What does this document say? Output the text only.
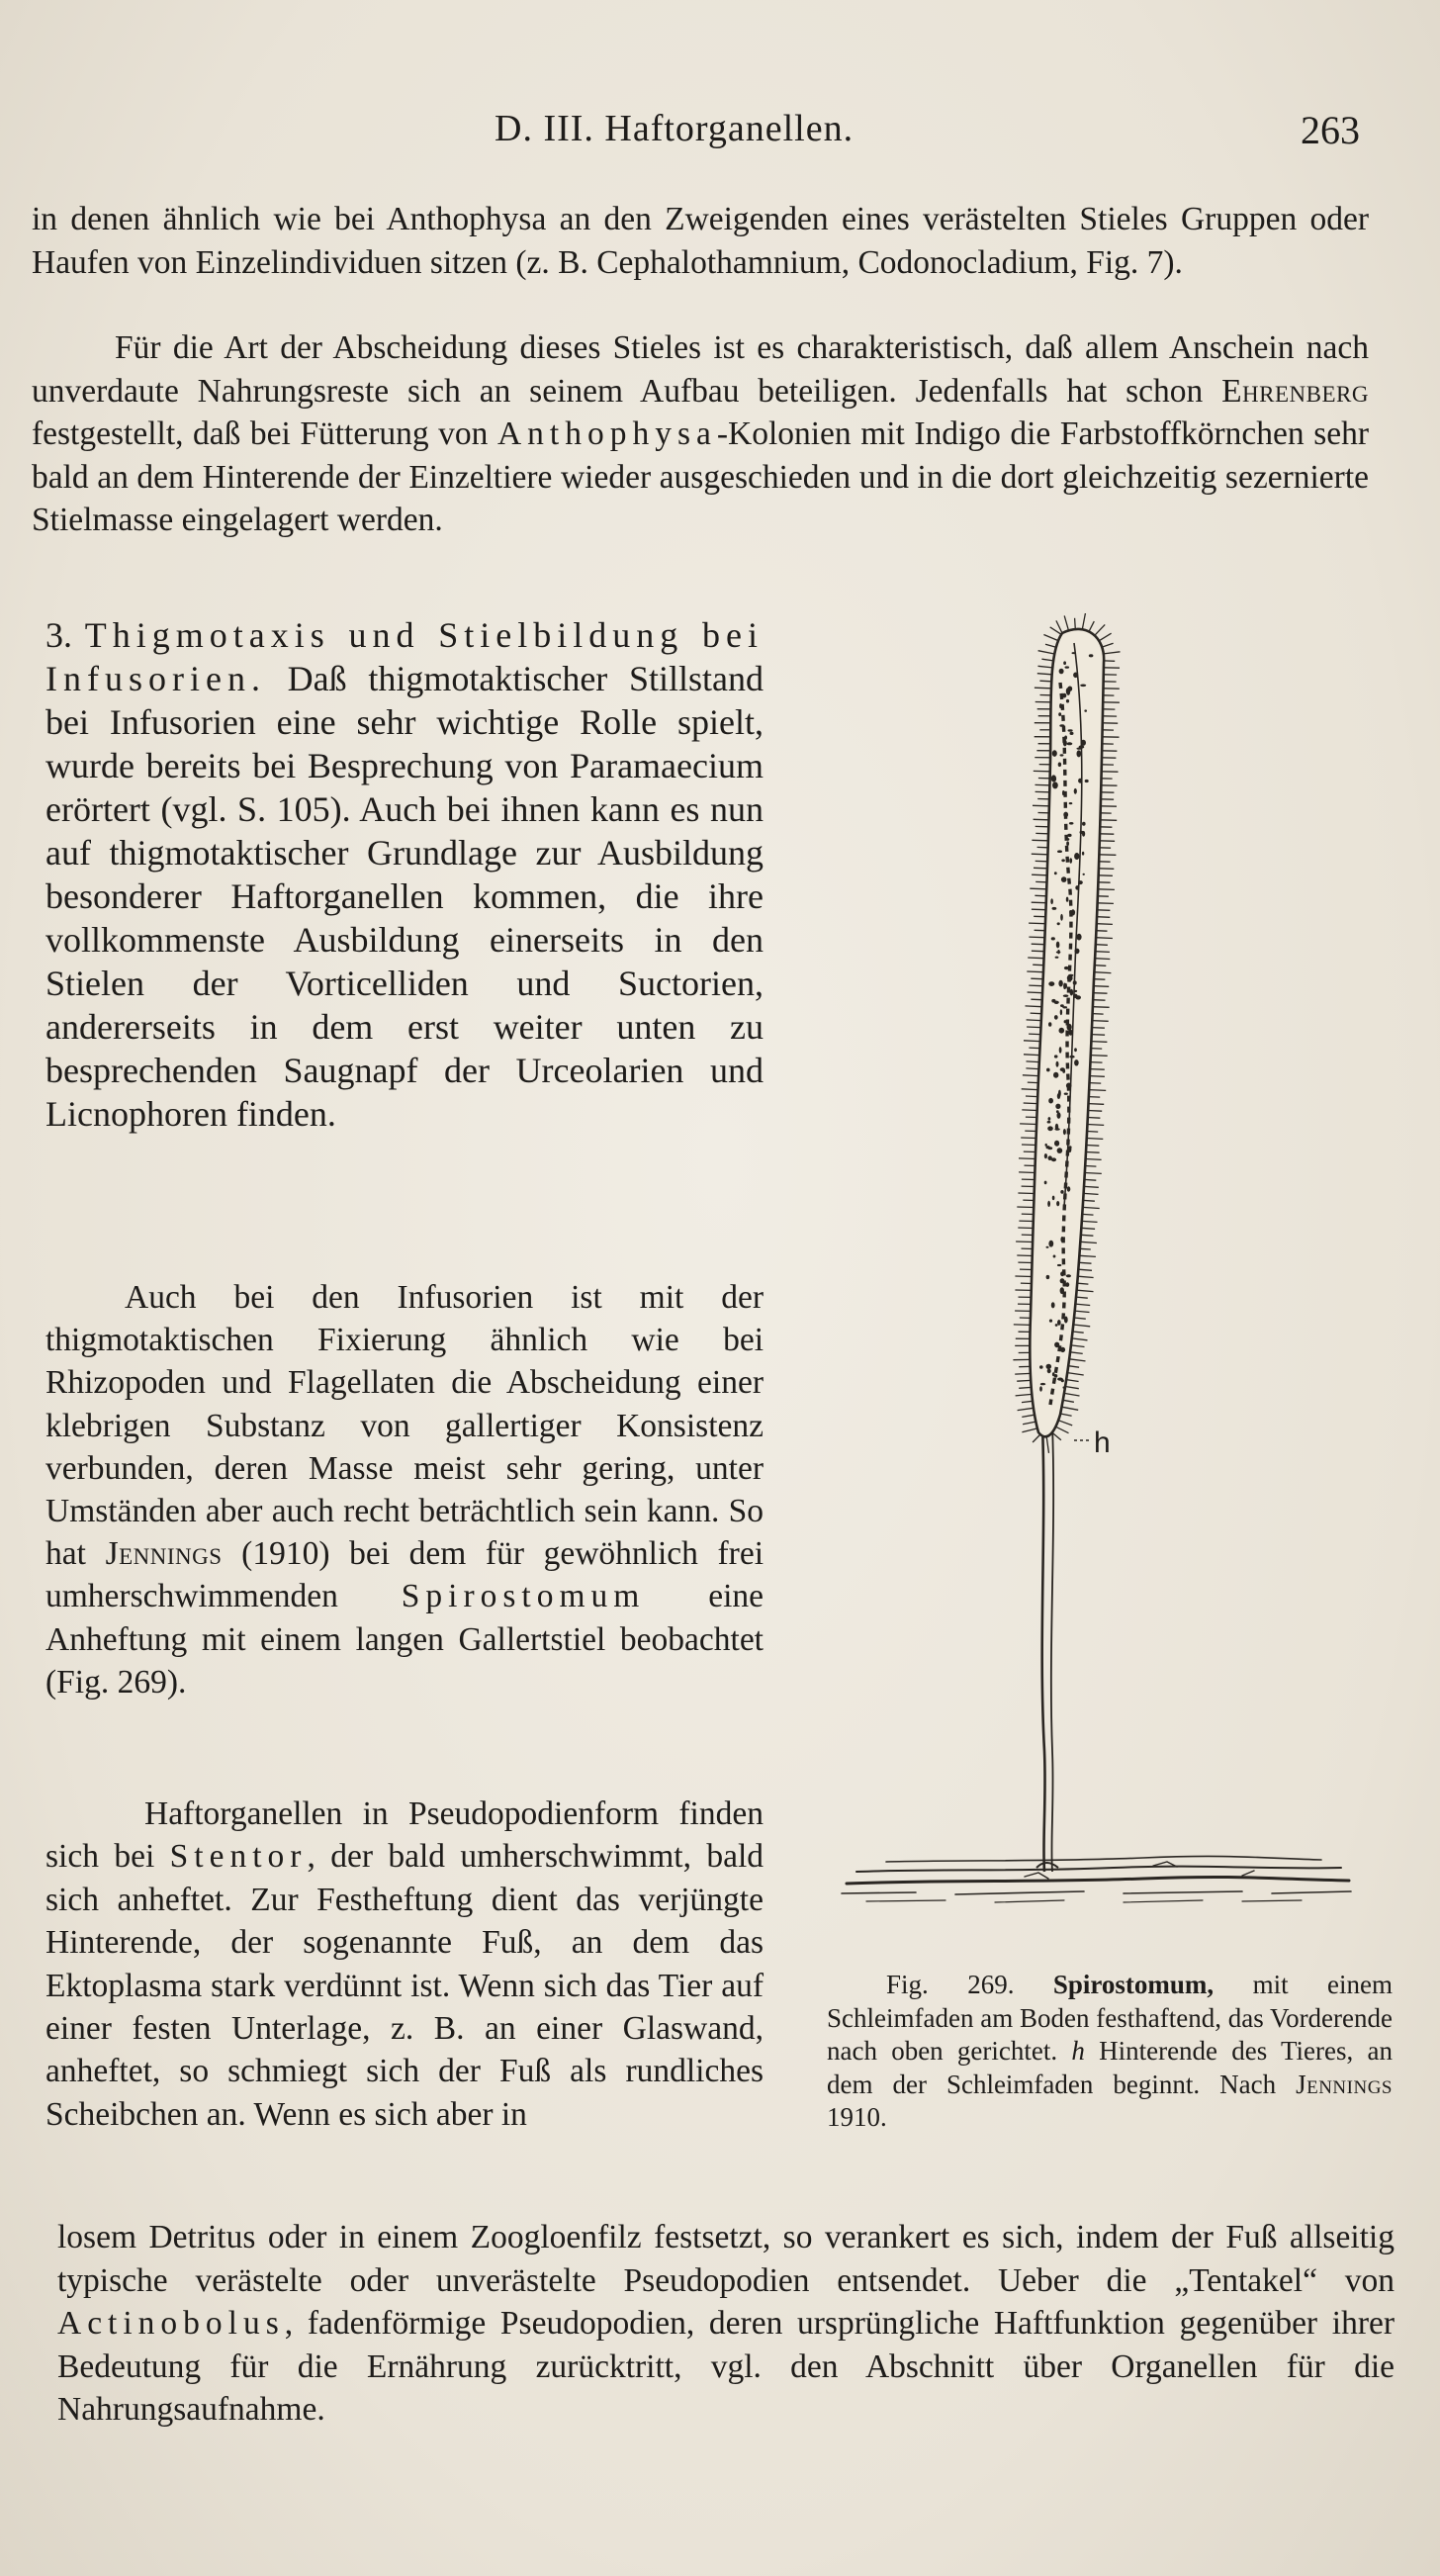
D. III. Haftorganellen.	263

in denen ähnlich wie bei Anthophysa an den Zweigenden eines verästelten Stieles Gruppen oder Haufen von Einzelindividuen sitzen (z. B. Cephalothamnium, Codonocladium, Fig. 7).

Für die Art der Abscheidung dieses Stieles ist es charakteristisch, daß allem Anschein nach unverdaute Nahrungsreste sich an seinem Aufbau beteiligen. Jedenfalls hat schon Ehrenberg festgestellt, daß bei Fütterung von Anthophysa-Kolonien mit Indigo die Farbstoffkörnchen sehr bald an dem Hinterende der Einzeltiere wieder ausgeschieden und in die dort gleichzeitig sezernierte Stielmasse eingelagert werden.

3. Thigmotaxis und Stielbildung bei Infusorien. Daß thigmotaktischer Stillstand bei Infusorien eine sehr wichtige Rolle spielt, wurde bereits bei Besprechung von Paramaecium erörtert (vgl. S. 105). Auch bei ihnen kann es nun auf thigmotaktischer Grundlage zur Ausbildung besonderer Haftorganellen kommen, die ihre vollkommenste Ausbildung einerseits in den Stielen der Vorticelliden und Suctorien, andererseits in dem erst weiter unten zu besprechenden Saugnapf der Urceolarien und Licnophoren finden.

Auch bei den Infusorien ist mit der thigmotaktischen Fixierung ähnlich wie bei Rhizopoden und Flagellaten die Abscheidung einer klebrigen Substanz von gallertiger Konsistenz verbunden, deren Masse meist sehr gering, unter Umständen aber auch recht beträchtlich sein kann. So hat Jennings (1910) bei dem für gewöhnlich frei umherschwimmenden Spirostomum eine Anheftung mit einem langen Gallertstiel beobachtet (Fig. 269).

Haftorganellen in Pseudopodienform finden sich bei Stentor, der bald umherschwimmt, bald sich anheftet. Zur Festheftung dient das verjüngte Hinterende, der sogenannte Fuß, an dem das Ektoplasma stark verdünnt ist. Wenn sich das Tier auf einer festen Unterlage, z. B. an einer Glaswand, anheftet, so schmiegt sich der Fuß als rundliches Scheibchen an. Wenn es sich aber in

losem Detritus oder in einem Zoogloenfilz festsetzt, so verankert es sich, indem der Fuß allseitig typische verästelte oder unverästelte Pseudopodien entsendet. Ueber die „Tentakel“ von Actinobolus, fadenförmige Pseudopodien, deren ursprüngliche Haftfunktion gegenüber ihrer Bedeutung für die Ernährung zurücktritt, vgl. den Abschnitt über Organellen für die Nahrungsaufnahme.

h

Fig. 269. Spirostomum, mit einem Schleimfaden am Boden festhaftend, das Vorderende nach oben gerichtet. h Hinterende des Tieres, an dem der Schleimfaden beginnt. Nach Jennings 1910.
